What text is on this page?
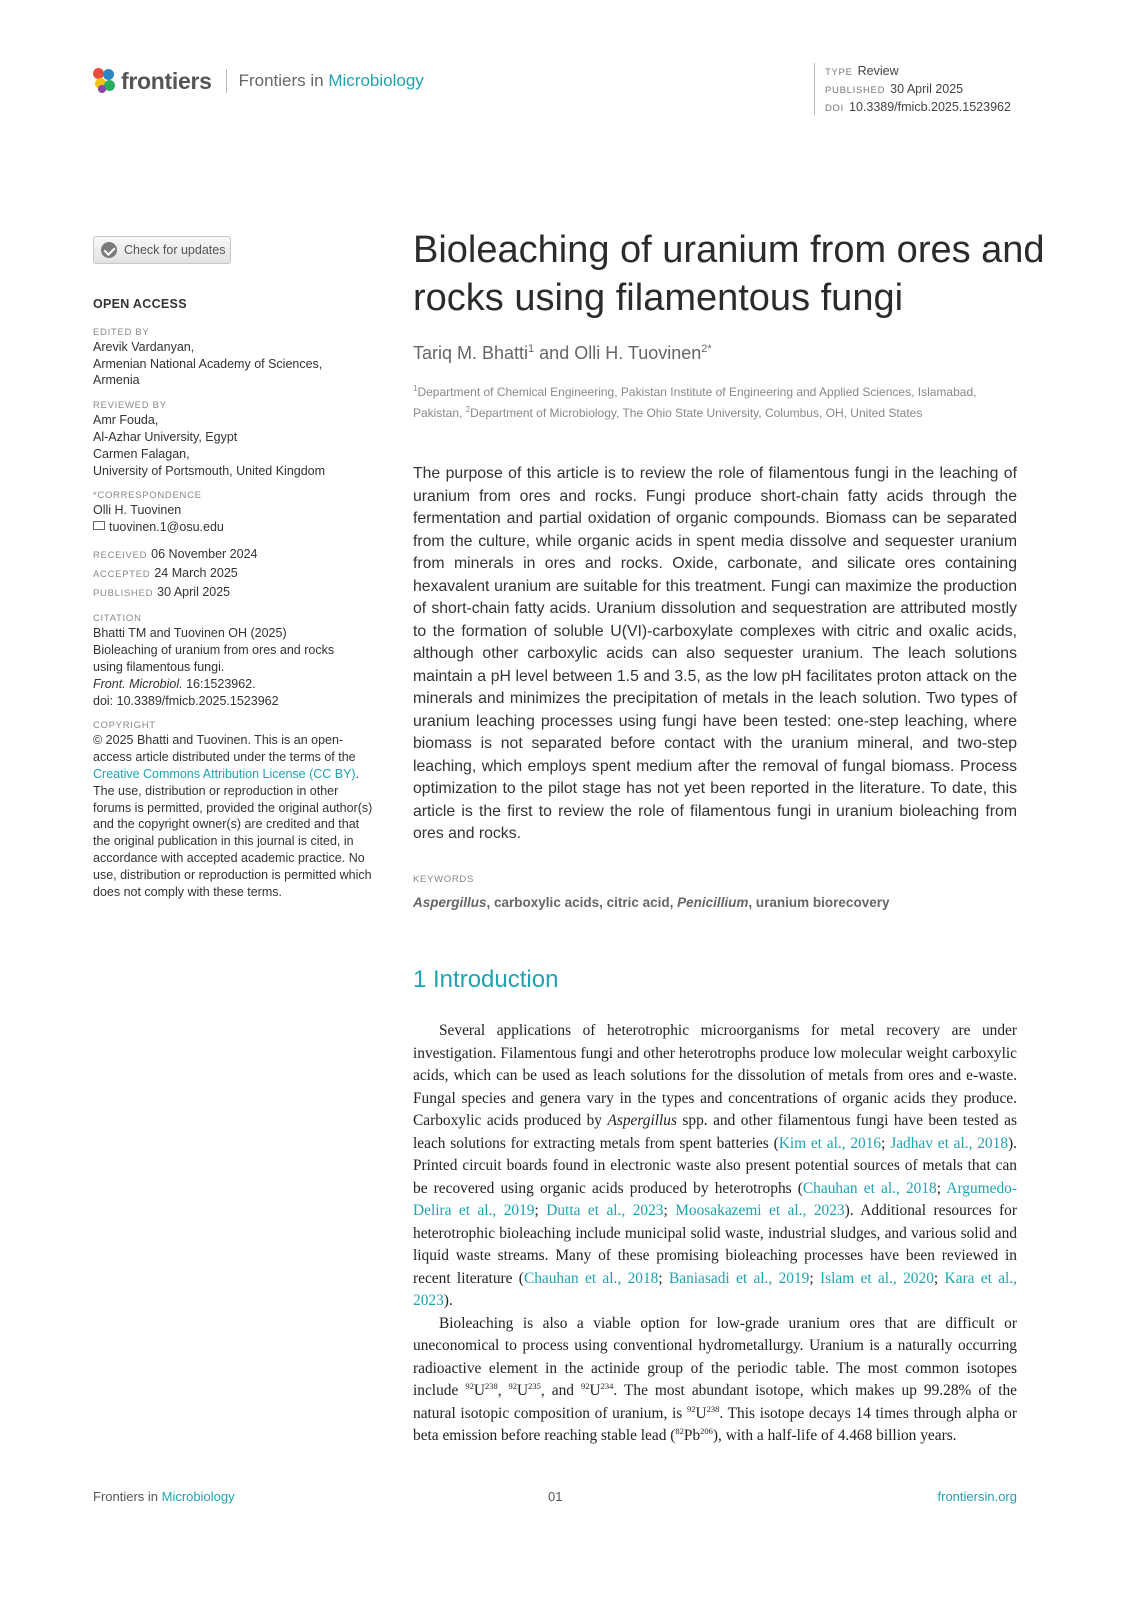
frontiers Frontiers in Microbiology	TYPE Review
PUBLISHED 30 April 2025
DOI 10.3389/fmicb.2025.1523962
Check for updates
OPEN ACCESS
EDITED BY
Arevik Vardanyan,
Armenian National Academy of Sciences,
Armenia
REVIEWED BY
Amr Fouda,
Al-Azhar University, Egypt
Carmen Falagan,
University of Portsmouth, United Kingdom
*CORRESPONDENCE
Olli H. Tuovinen
tuovinen.1@osu.edu
RECEIVED 06 November 2024
ACCEPTED 24 March 2025
PUBLISHED 30 April 2025
CITATION
Bhatti TM and Tuovinen OH (2025)
Bioleaching of uranium from ores and rocks
using filamentous fungi.
Front. Microbiol. 16:1523962.
doi: 10.3389/fmicb.2025.1523962
COPYRIGHT
© 2025 Bhatti and Tuovinen. This is an open-access article distributed under the terms of the Creative Commons Attribution License (CC BY). The use, distribution or reproduction in other forums is permitted, provided the original author(s) and the copyright owner(s) are credited and that the original publication in this journal is cited, in accordance with accepted academic practice. No use, distribution or reproduction is permitted which does not comply with these terms.
Bioleaching of uranium from ores and rocks using filamentous fungi
Tariq M. Bhatti$^1$ and Olli H. Tuovinen$^{2*}$
$^1$Department of Chemical Engineering, Pakistan Institute of Engineering and Applied Sciences, Islamabad, Pakistan, $^2$Department of Microbiology, The Ohio State University, Columbus, OH, United States
The purpose of this article is to review the role of filamentous fungi in the leaching of uranium from ores and rocks. Fungi produce short-chain fatty acids through the fermentation and partial oxidation of organic compounds. Biomass can be separated from the culture, while organic acids in spent media dissolve and sequester uranium from minerals in ores and rocks. Oxide, carbonate, and silicate ores containing hexavalent uranium are suitable for this treatment. Fungi can maximize the production of short-chain fatty acids. Uranium dissolution and sequestration are attributed mostly to the formation of soluble U(VI)-carboxylate complexes with citric and oxalic acids, although other carboxylic acids can also sequester uranium. The leach solutions maintain a pH level between 1.5 and 3.5, as the low pH facilitates proton attack on the minerals and minimizes the precipitation of metals in the leach solution. Two types of uranium leaching processes using fungi have been tested: one-step leaching, where biomass is not separated before contact with the uranium mineral, and two-step leaching, which employs spent medium after the removal of fungal biomass. Process optimization to the pilot stage has not yet been reported in the literature. To date, this article is the first to review the role of filamentous fungi in uranium bioleaching from ores and rocks.
KEYWORDS
Aspergillus, carboxylic acids, citric acid, Penicillium, uranium biorecovery
1 Introduction

Several applications of heterotrophic microorganisms for metal recovery are under investigation. Filamentous fungi and other heterotrophs produce low molecular weight carboxylic acids, which can be used as leach solutions for the dissolution of metals from ores and e-waste. Fungal species and genera vary in the types and concentrations of organic acids they produce. Carboxylic acids produced by Aspergillus spp. and other filamentous fungi have been tested as leach solutions for extracting metals from spent batteries (Kim et al., 2016; Jadhav et al., 2018). Printed circuit boards found in electronic waste also present potential sources of metals that can be recovered using organic acids produced by heterotrophs (Chauhan et al., 2018; Argumedo-Delira et al., 2019; Dutta et al., 2023; Moosakazemi et al., 2023). Additional resources for heterotrophic bioleaching include municipal solid waste, industrial sludges, and various solid and liquid waste streams. Many of these promising bioleaching processes have been reviewed in recent literature (Chauhan et al., 2018; Baniasadi et al., 2019; Islam et al., 2020; Kara et al., 2023).

Bioleaching is also a viable option for low-grade uranium ores that are difficult or uneconomical to process using conventional hydrometallurgy. Uranium is a naturally occurring radioactive element in the actinide group of the periodic table. The most common isotopes include $^{92}U^{238}$, $^{92}U^{235}$, and $^{92}U^{234}$. The most abundant isotope, which makes up 99.28% of the natural isotopic composition of uranium, is $^{92}U^{238}$. This isotope decays 14 times through alpha or beta emission before reaching stable lead ($^{82}$Pb$^{206}$), with a half-life of 4.468 billion years.

Frontiers in Microbiology	01	frontiersin.org
